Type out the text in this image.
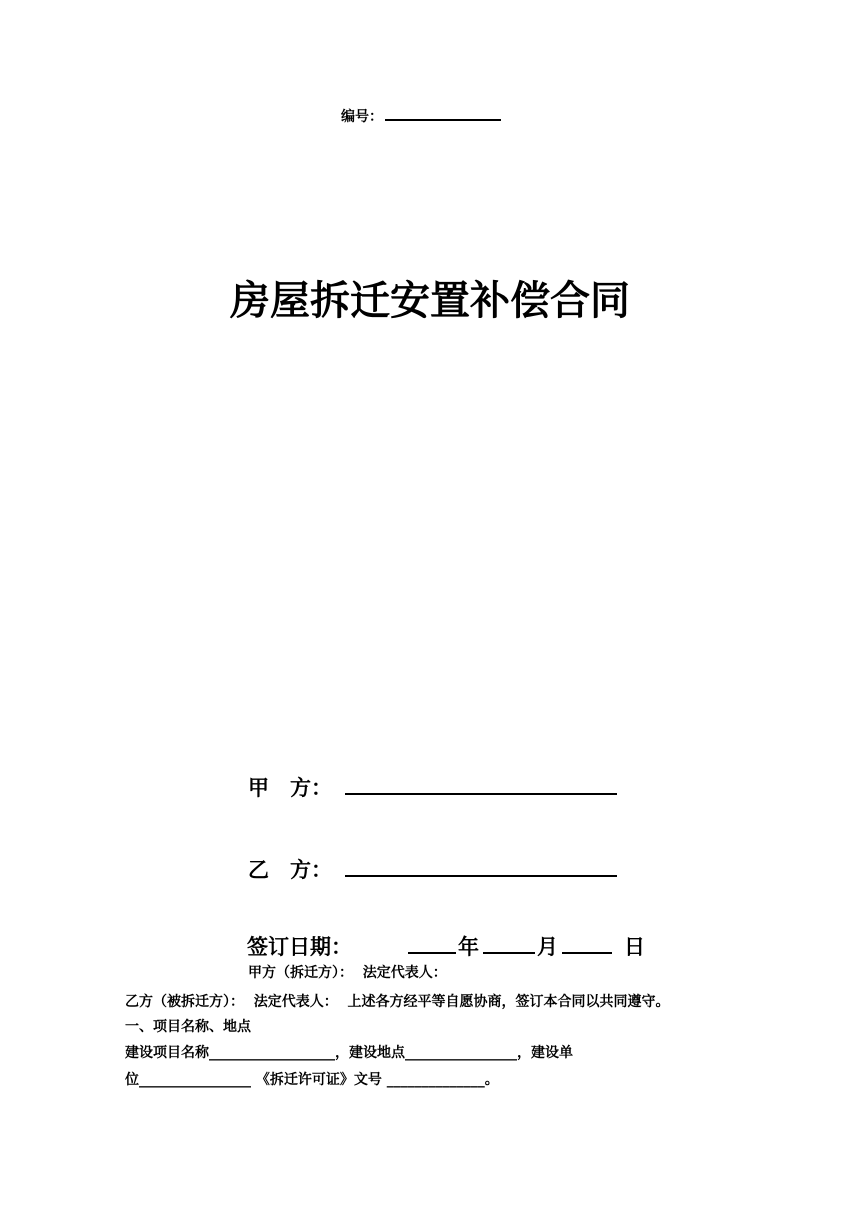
编号：
房屋拆迁安置补偿合同
甲　方：
乙　方：
签订日期：	年	月	日
甲方（拆迁方）：  法定代表人：
乙方（被拆迁方）：  法定代表人：  上述各方经平等自愿协商，签订本合同以共同遵守。
一、项目名称、地点
建设项目名称__________________，建设地点________________，建设单
位________________ 《拆迁许可证》文号 ______________。
